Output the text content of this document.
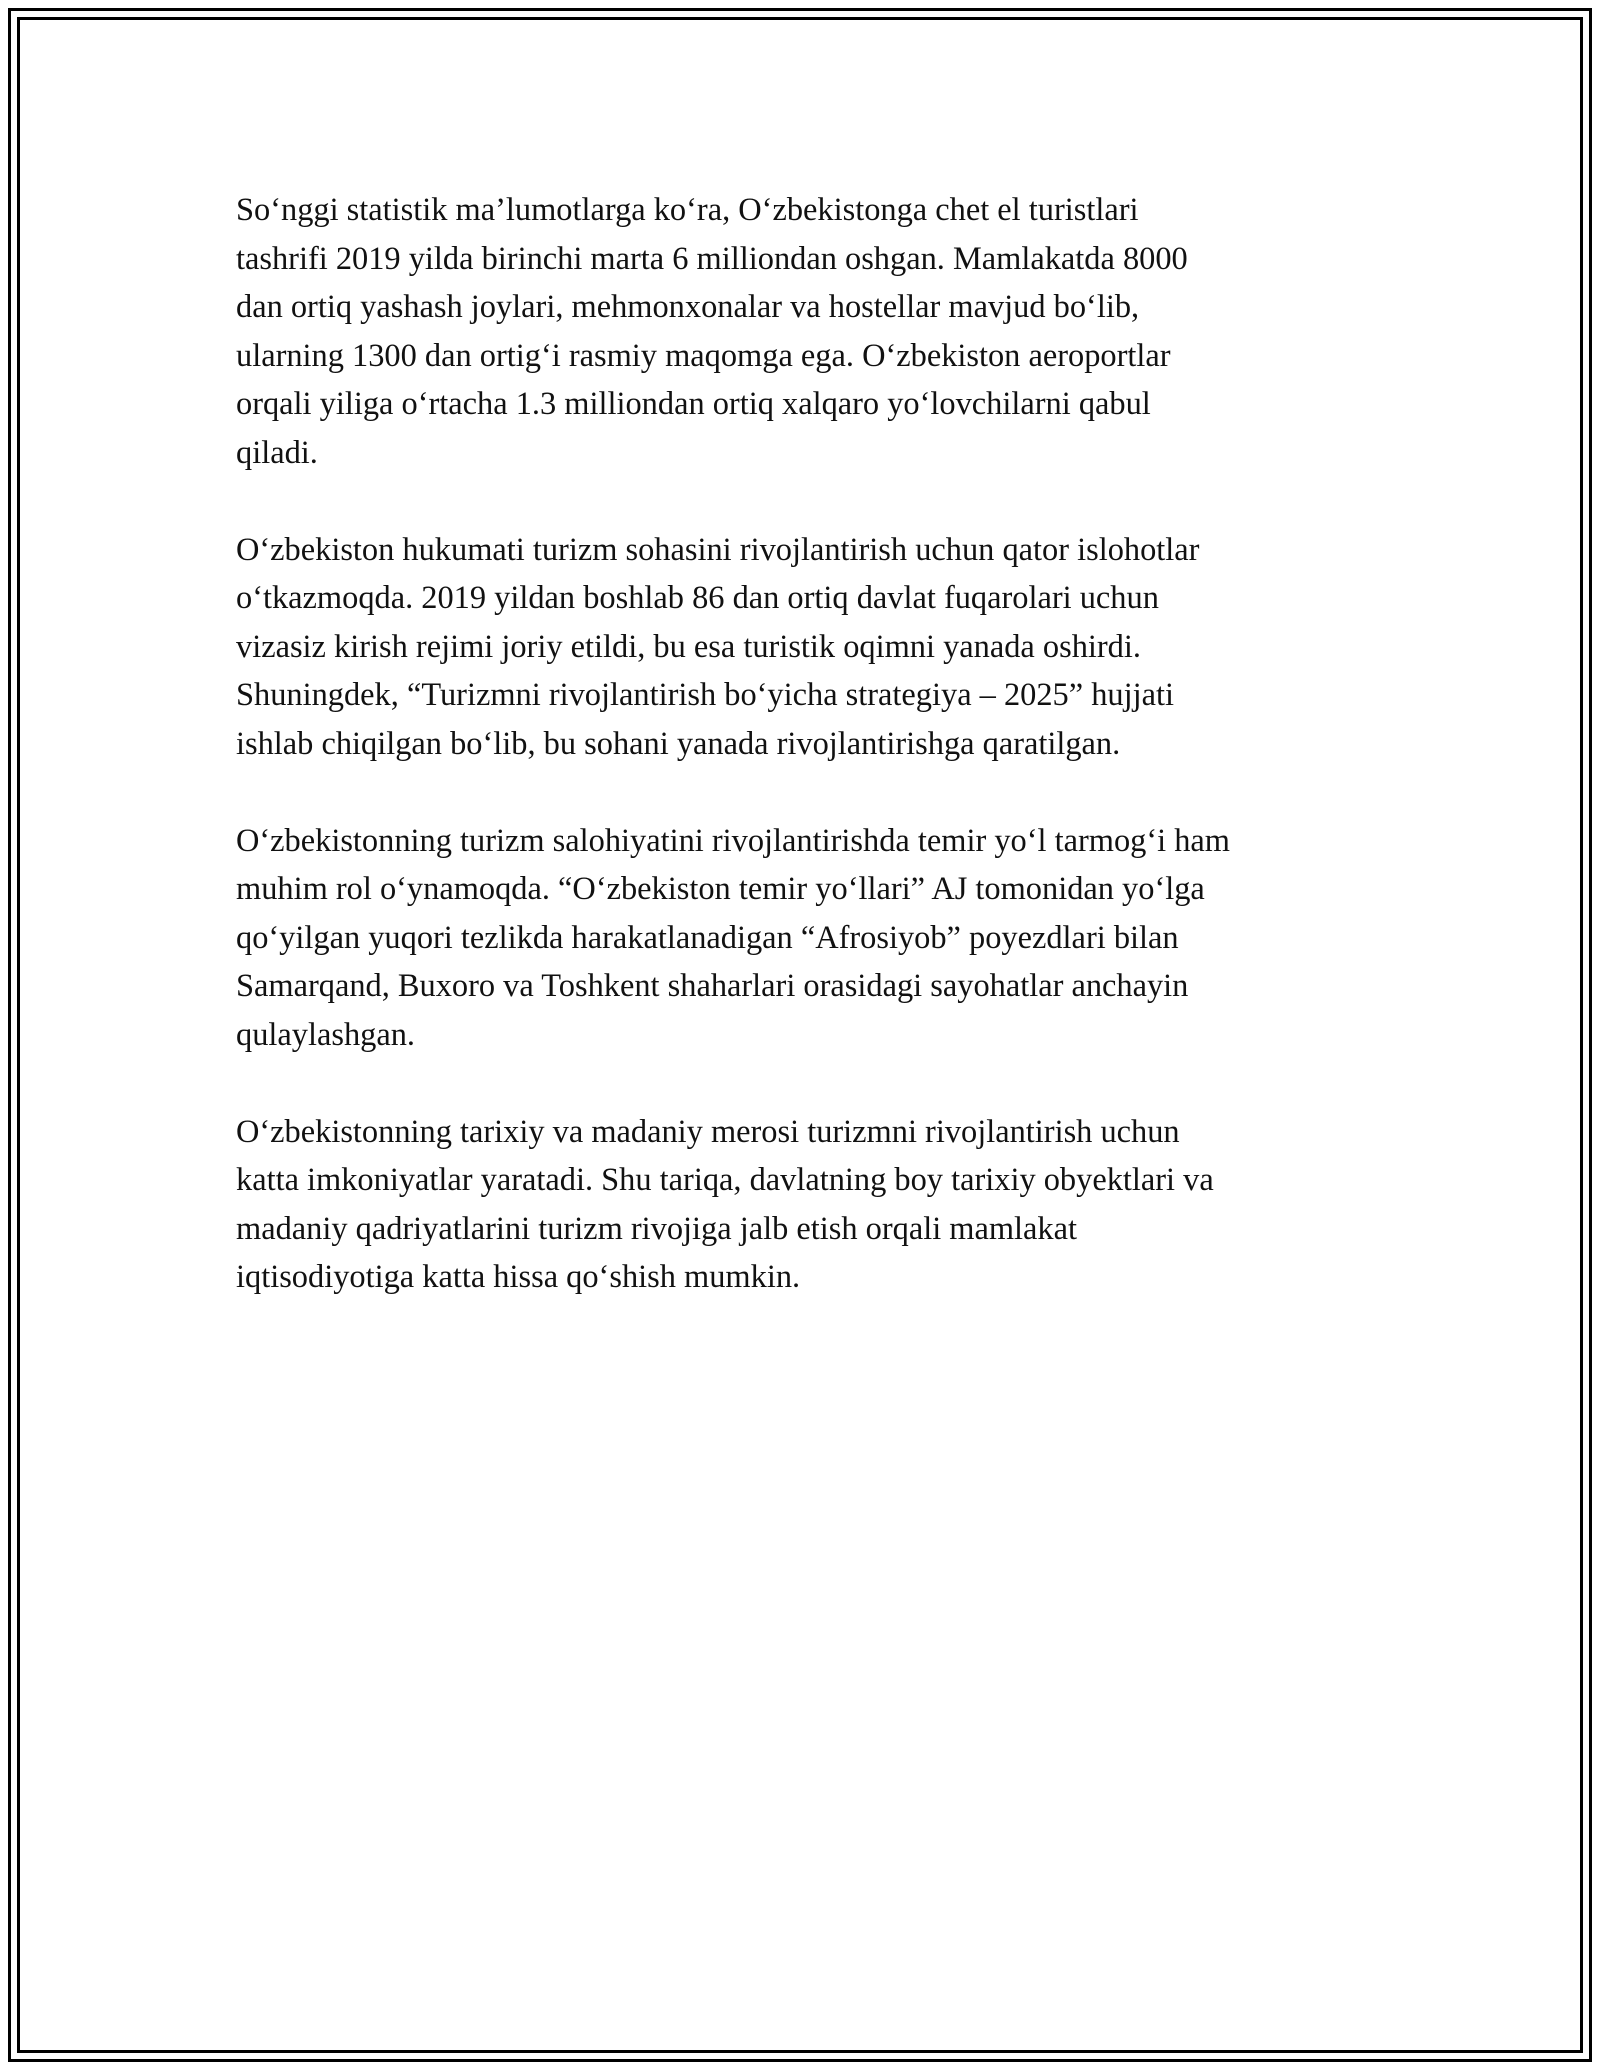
So‘nggi statistik ma’lumotlarga ko‘ra, O‘zbekistonga chet el turistlari
tashrifi 2019 yilda birinchi marta 6 milliondan oshgan. Mamlakatda 8000
dan ortiq yashash joylari, mehmonxonalar va hostellar mavjud bo‘lib,
ularning 1300 dan ortig‘i rasmiy maqomga ega. O‘zbekiston aeroportlar
orqali yiliga o‘rtacha 1.3 milliondan ortiq xalqaro yo‘lovchilarni qabul
qiladi.

O‘zbekiston hukumati turizm sohasini rivojlantirish uchun qator islohotlar
o‘tkazmoqda. 2019 yildan boshlab 86 dan ortiq davlat fuqarolari uchun
vizasiz kirish rejimi joriy etildi, bu esa turistik oqimni yanada oshirdi.
Shuningdek, “Turizmni rivojlantirish bo‘yicha strategiya – 2025” hujjati
ishlab chiqilgan bo‘lib, bu sohani yanada rivojlantirishga qaratilgan.

O‘zbekistonning turizm salohiyatini rivojlantirishda temir yo‘l tarmog‘i ham
muhim rol o‘ynamoqda. “O‘zbekiston temir yo‘llari” AJ tomonidan yo‘lga
qo‘yilgan yuqori tezlikda harakatlanadigan “Afrosiyob” poyezdlari bilan
Samarqand, Buxoro va Toshkent shaharlari orasidagi sayohatlar anchayin
qulaylashgan.

O‘zbekistonning tarixiy va madaniy merosi turizmni rivojlantirish uchun
katta imkoniyatlar yaratadi. Shu tariqa, davlatning boy tarixiy obyektlari va
madaniy qadriyatlarini turizm rivojiga jalb etish orqali mamlakat
iqtisodiyotiga katta hissa qo‘shish mumkin.
